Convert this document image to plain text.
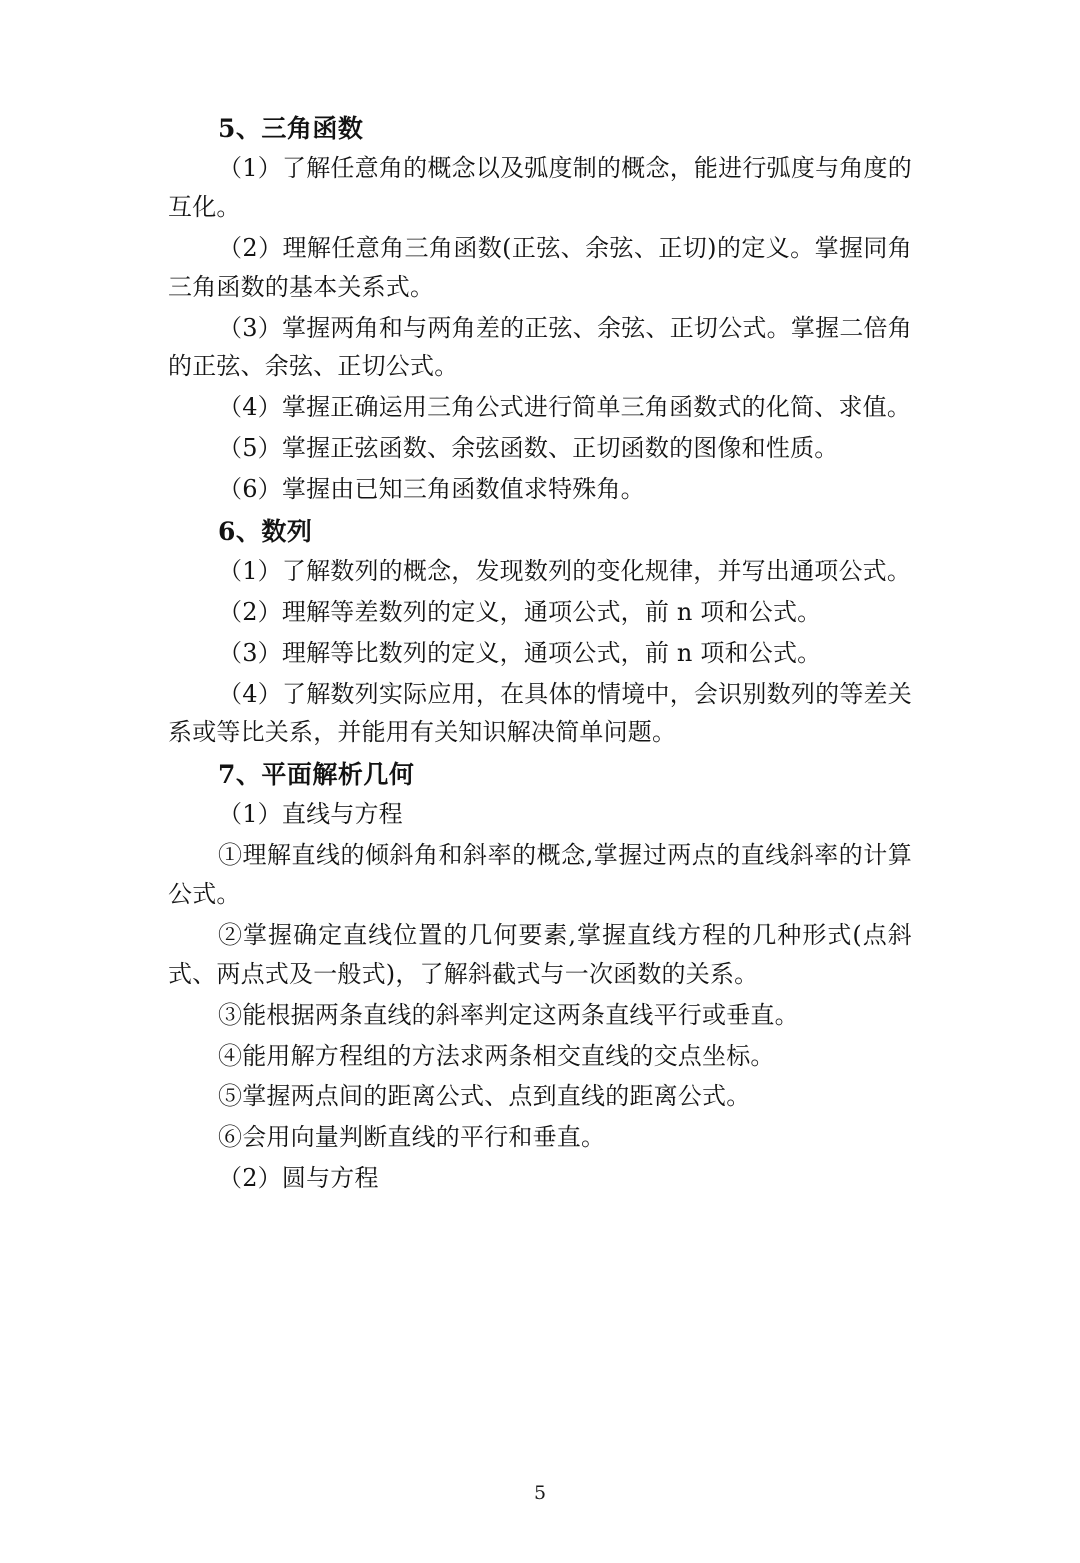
5、三角函数

（1）了解任意角的概念以及弧度制的概念，能进行弧度与角度的互化。

（2）理解任意角三角函数(正弦、余弦、正切)的定义。掌握同角三角函数的基本关系式。

（3）掌握两角和与两角差的正弦、余弦、正切公式。掌握二倍角的正弦、余弦、正切公式。

（4）掌握正确运用三角公式进行简单三角函数式的化简、求值。

（5）掌握正弦函数、余弦函数、正切函数的图像和性质。

（6）掌握由已知三角函数值求特殊角。

6、数列

（1）了解数列的概念，发现数列的变化规律，并写出通项公式。

（2）理解等差数列的定义，通项公式，前 n 项和公式。

（3）理解等比数列的定义，通项公式，前 n 项和公式。

（4）了解数列实际应用，在具体的情境中，会识别数列的等差关系或等比关系，并能用有关知识解决简单问题。

7、平面解析几何

（1）直线与方程

①理解直线的倾斜角和斜率的概念,掌握过两点的直线斜率的计算公式。

②掌握确定直线位置的几何要素,掌握直线方程的几种形式(点斜式、两点式及一般式)，了解斜截式与一次函数的关系。

③能根据两条直线的斜率判定这两条直线平行或垂直。

④能用解方程组的方法求两条相交直线的交点坐标。

⑤掌握两点间的距离公式、点到直线的距离公式。

⑥会用向量判断直线的平行和垂直。

（2）圆与方程

5
